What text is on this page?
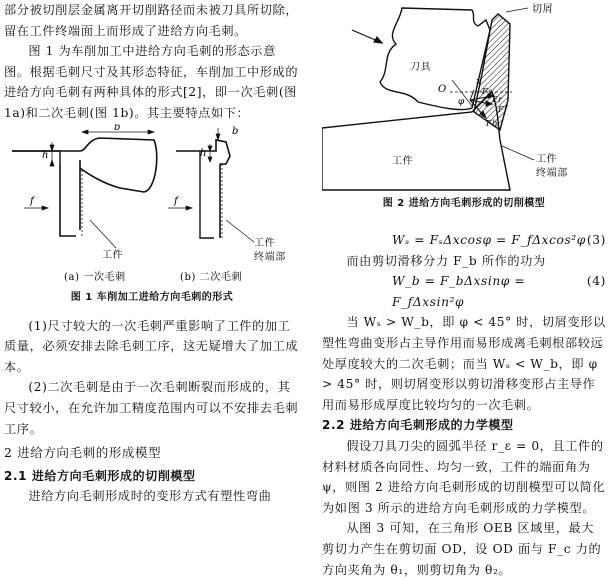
部分被切削层金属离开切削路径而未被刀具所切除，留在工件终端面上而形成了进给方向毛刺。

图 1 为车削加工中进给方向毛刺的形态示意图。根据毛刺尺寸及其形态特征，车削加工中形成的进给方向毛刺有两种具体的形式[2]，即一次毛刺(图 1a)和二次毛刺(图 1b)。其主要特点如下：

b
h
f
工件
b
h
f
工件
终端部
(a) 一次毛刺	(b) 二次毛刺
图 1 车削加工进给方向毛刺的形式

(1)尺寸较大的一次毛刺严重影响了工件的加工质量，必须安排去除毛刺工序，这无疑增大了加工成本。

(2)二次毛刺是由于一次毛刺断裂而形成的，其尺寸较小，在允许加工精度范围内可以不安排去毛刺工序。

2 进给方向毛刺的形成模型

2.1 进给方向毛刺形成的切削模型

进给方向毛刺形成时的变形方式有塑性弯曲

切屑
刀具
O
φ
x
Fs
Fr
Ff
Fb
工件	工件
终端部
图 2 进给方向毛刺形成的切削模型
Wₛ = FₛΔxcosφ = F_fΔxcos²φ (3)

而由剪切滑移分力 F_b 所作的功为

W_b = F_bΔxsinφ = F_fΔxsin²φ
(4)

当 Wₛ > W_b，即 φ < 45° 时，切屑变形以塑性弯曲变形占主导作用而易形成离毛刺根部较远处厚度较大的二次毛刺；而当 Wₛ < W_b，即 φ > 45° 时，则切屑变形以剪切滑移变形占主导作用而易形成厚度比较均匀的一次毛刺。

2.2 进给方向毛刺形成的力学模型

假设刀具刀尖的圆弧半径 r_ε = 0，且工件的材料材质各向同性、均匀一致，工件的端面角为 ψ，则图 2 进给方向毛刺形成的切削模型可以简化为如图 3 所示的进给方向毛刺形成的力学模型。

从图 3 可知，在三角形 OEB 区域里，最大剪切力产生在剪切面 OD，设 OD 面与 F_c 力的方向夹角为 θ₁，则剪切角为 θ₂。
